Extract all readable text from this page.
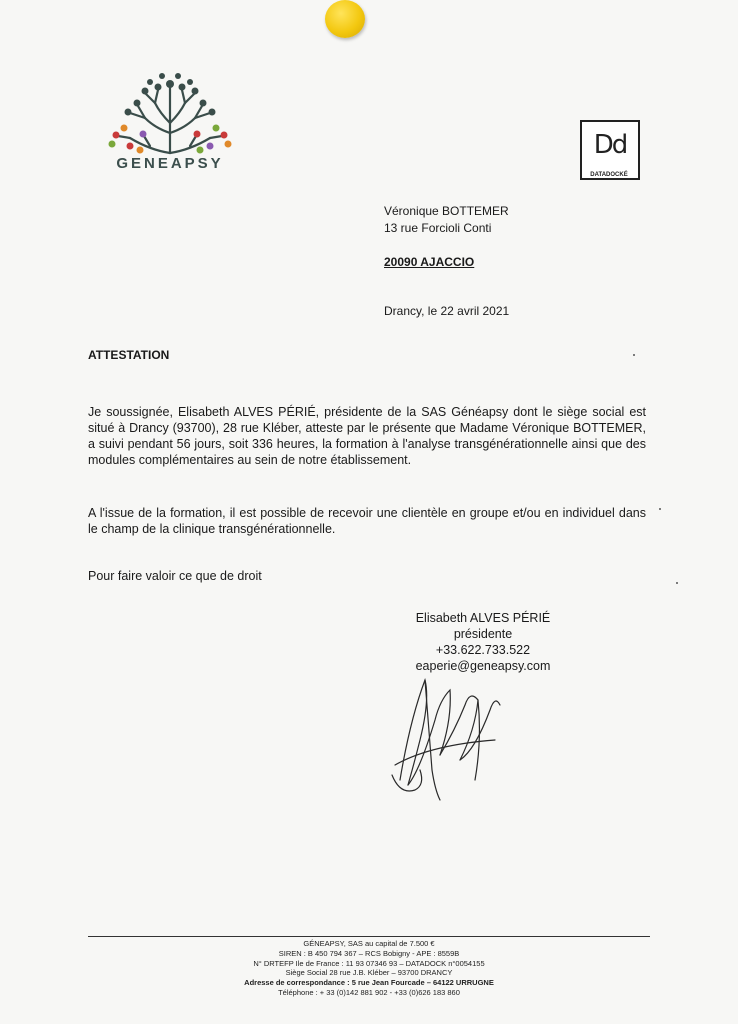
GENEAPSY
Dd
DATADOCKÉ
Véronique BOTTEMER
13 rue Forcioli Conti
20090 AJACCIO
Drancy, le 22 avril 2021
ATTESTATION
Je soussignée, Elisabeth ALVES PÉRIÉ, présidente de la SAS Généapsy dont le siège social est situé à Drancy (93700), 28 rue Kléber, atteste par le présente que Madame Véronique BOTTEMER, a suivi pendant 56 jours, soit 336 heures, la formation à l'analyse transgénérationnelle ainsi que des modules complémentaires au sein de notre établissement.
A l'issue de la formation, il est possible de recevoir une clientèle en groupe et/ou en individuel dans le champ de la clinique transgénérationnelle.
Pour faire valoir ce que de droit
Elisabeth ALVES PÉRIÉ
présidente
+33.622.733.522
eaperie@geneapsy.com
GÉNEAPSY, SAS au capital de 7.500 €
SIREN : B 450 794 367 – RCS Bobigny - APE : 8559B
N° DRTEFP Ile de France : 11 93 07346 93 – DATADOCK n°0054155
Siège Social 28 rue J.B. Kléber – 93700 DRANCY
Adresse de correspondance : 5 rue Jean Fourcade – 64122 URRUGNE
Téléphone : + 33 (0)142 881 902 - +33 (0)626 183 860
